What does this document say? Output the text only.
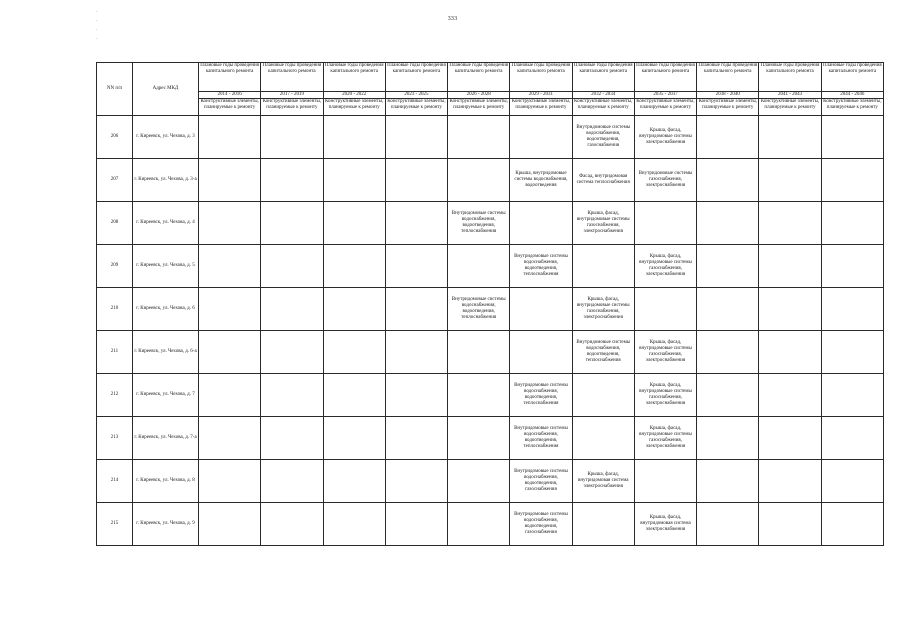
333
·
·
·
·
NN п/п	Адрес МКД	Плановые годы проведения капитального ремонта	Плановые годы проведения капитального ремонта	Плановые годы проведения капитального ремонта	Плановые годы проведения капитального ремонта	Плановые годы проведения капитального ремонта	Плановые годы проведения капитального ремонта	Плановые годы проведения капитального ремонта	Плановые годы проведения капитального ремонта	Плановые годы проведения капитального ремонта	Плановые годы проведения капитального ремонта	Плановые годы проведения капитального ремонта
		2014 - 2016	2017 - 2019	2020 - 2022	2023 - 2025	2026 - 2028	2029 - 2031	2032 - 2034	2035 - 2037	2038 - 2040	2041 - 2043	2044 - 2046
		Конструктивные элементы, планируемые к ремонту	Конструктивные элементы, планируемые к ремонту	Конструктивные элементы, планируемые к ремонту	Конструктивные элементы, планируемые к ремонту	Конструктивные элементы, планируемые к ремонту	Конструктивные элементы, планируемые к ремонту	Конструктивные элементы, планируемые к ремонту	Конструктивные элементы, планируемые к ремонту	Конструктивные элементы, планируемые к ремонту	Конструктивные элементы, планируемые к ремонту	Конструктивные элементы, планируемые к ремонту
206	г. Киреевск, ул. Чехова, д. 3							Внутридомовые системы водоснабжения, водоотведения, газоснабжения	Крыша, фасад, внутридомовые системы электроснабжения			

207	г. Киреевск, ул. Чехова, д. 3-а						Крыша, внутридомовые системы водоснабжения, водоотведения	Фасад, внутридомовая система теплоснабжения	Внутридомовые системы газоснабжения, электроснабжения			

208	г. Киреевск, ул. Чехова, д. 4					Внутридомовые системы водоснабжения, водоотведения, теплоснабжения		Крыша, фасад, внутридомовые системы газоснабжения, электроснабжения				

209	г. Киреевск, ул. Чехова, д. 5						Внутридомовые системы водоснабжения, водоотведения, теплоснабжения		Крыша, фасад, внутридомовые системы газоснабжения, электроснабжения			

210	г. Киреевск, ул. Чехова, д. 6					Внутридомовые системы водоснабжения, водоотведения, теплоснабжения		Крыша, фасад, внутридомовые системы газоснабжения, электроснабжения				

211	г. Киреевск, ул. Чехова, д. 6-а							Внутридомовые системы водоснабжения, водоотведения, теплоснабжения	Крыша, фасад, внутридомовые системы газоснабжения, электроснабжения			

212	г. Киреевск, ул. Чехова, д. 7						Внутридомовые системы водоснабжения, водоотведения, теплоснабжения		Крыша, фасад, внутридомовые системы газоснабжения, электроснабжения			

213	г. Киреевск, ул. Чехова, д. 7-а						Внутридомовые системы водоснабжения, водоотведения, теплоснабжения		Крыша, фасад, внутридомовые системы газоснабжения, электроснабжения			

214	г. Киреевск, ул. Чехова, д. 8						Внутридомовые системы водоснабжения, водоотведения, газоснабжения	Крыша, фасад, внутридомовая система электроснабжения				

215	г. Киреевск, ул. Чехова, д. 9						Внутридомовые системы водоснабжения, водоотведения, газоснабжения		Крыша, фасад, внутридомовая система электроснабжения			
